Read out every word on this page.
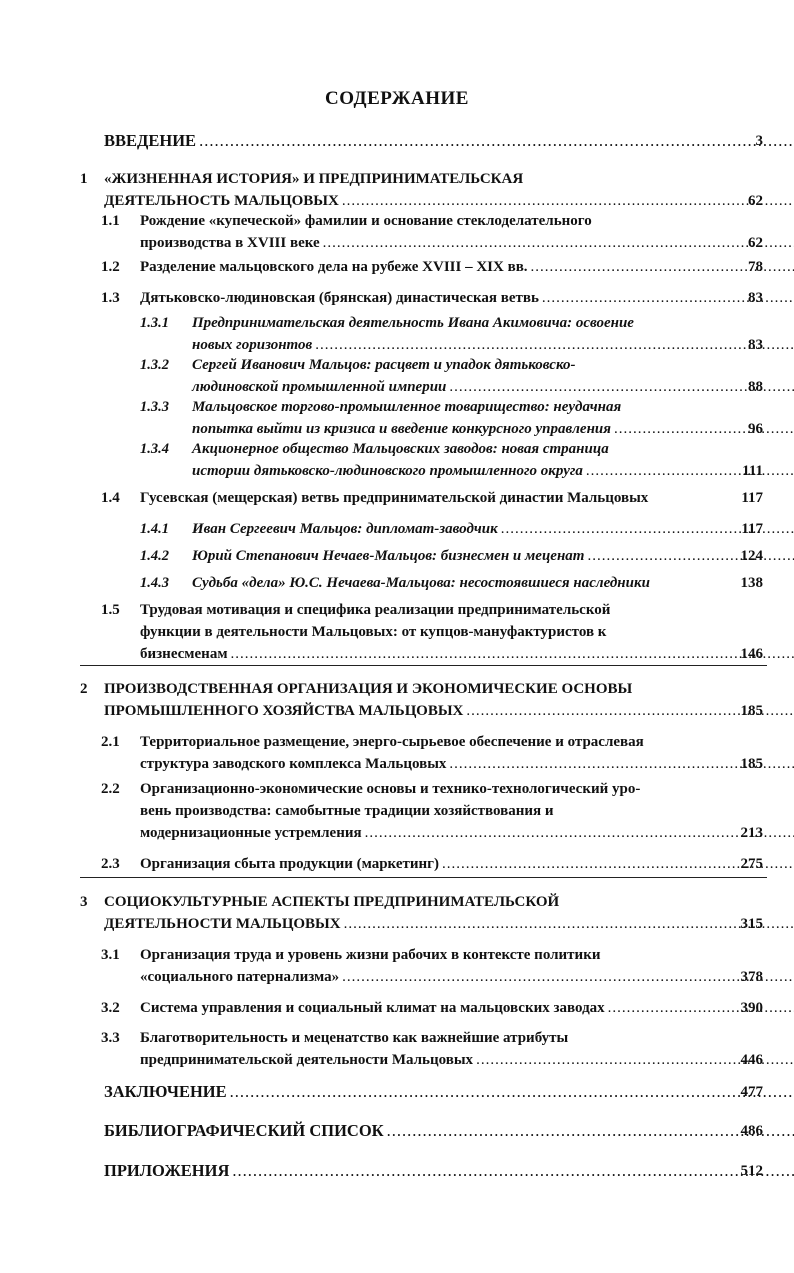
СОДЕРЖАНИЕ
ВВЕДЕНИЕ .....	3
1 «ЖИЗНЕННАЯ ИСТОРИЯ» И ПРЕДПРИНИМАТЕЛЬСКАЯ
ДЕЯТЕЛЬНОСТЬ МАЛЬЦОВЫХ .....	62
1.1 Рождение «купеческой» фамилии и основание стеклоделательного
производства в XVIII веке .....	62
1.2 Разделение мальцовского дела на рубеже XVIII – XIX вв. .....	78
1.3 Дятьковско-людиновская (брянская) династическая ветвь .....	83
1.3.1 Предпринимательская деятельность Ивана Акимовича: освоение
новых горизонтов .....	83
1.3.2 Сергей Иванович Мальцов: расцвет и упадок дятьковско-
людиновской промышленной империи .....	88
1.3.3 Мальцовское торгово-промышленное товарищество: неудачная
попытка выйти из кризиса и введение конкурсного управления .....	96
1.3.4 Акционерное общество Мальцовских заводов: новая страница
истории дятьковско-людиновского промышленного округа .....	111
1.4 Гусевская (мещерская) ветвь предпринимательской династии Мальцовых	117
1.4.1 Иван Сергеевич Мальцов: дипломат-заводчик .....	117
1.4.2 Юрий Степанович Нечаев-Мальцов: бизнесмен и меценат .....	124
1.4.3 Судьба «дела» Ю.С. Нечаева-Мальцова: несостоявшиеся наследники	138
1.5 Трудовая мотивация и специфика реализации предпринимательской
функции в деятельности Мальцовых: от купцов-мануфактуристов к
бизнесменам .....	146
2 ПРОИЗВОДСТВЕННАЯ ОРГАНИЗАЦИЯ И ЭКОНОМИЧЕСКИЕ ОСНОВЫ
ПРОМЫШЛЕННОГО ХОЗЯЙСТВА МАЛЬЦОВЫХ .....	185
2.1 Территориальное размещение, энерго-сырьевое обеспечение и отраслевая
структура заводского комплекса Мальцовых .....	185
2.2 Организационно-экономические основы и технико-технологический уро-
вень производства: самобытные традиции хозяйствования и
модернизационные устремления .....	213
2.3 Организация сбыта продукции (маркетинг) .....	275
3 СОЦИОКУЛЬТУРНЫЕ АСПЕКТЫ ПРЕДПРИНИМАТЕЛЬСКОЙ
ДЕЯТЕЛЬНОСТИ МАЛЬЦОВЫХ .....	315
3.1 Организация труда и уровень жизни рабочих в контексте политики
«социального патернализма» .....	378
3.2 Система управления и социальный климат на мальцовских заводах .....	390
3.3 Благотворительность и меценатство как важнейшие атрибуты
предпринимательской деятельности Мальцовых .....	446
ЗАКЛЮЧЕНИЕ .....	477
БИБЛИОГРАФИЧЕСКИЙ СПИСОК .....	486
ПРИЛОЖЕНИЯ .....	512
